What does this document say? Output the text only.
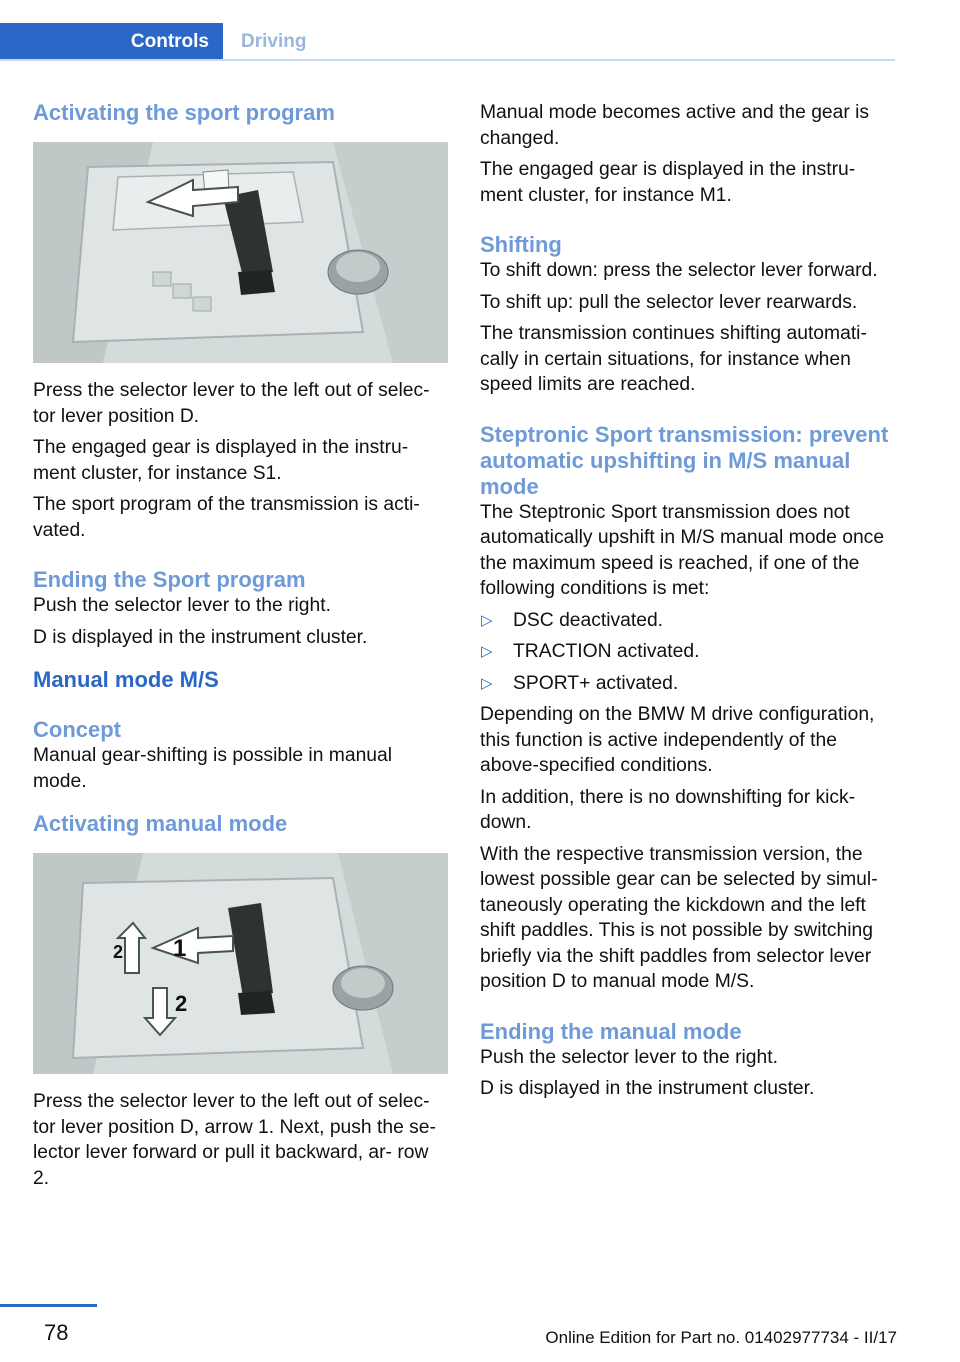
Controls	Driving
Activating the sport program

Press the selector lever to the left out of selec‐ tor lever position D.

The engaged gear is displayed in the instru‐ ment cluster, for instance S1.

The sport program of the transmission is acti‐ vated.

Ending the Sport program

Push the selector lever to the right.

D is displayed in the instrument cluster.

Manual mode M/S
Concept

Manual gear-shifting is possible in manual mode.

Activating manual mode
1
2
2

Press the selector lever to the left out of selec‐ tor lever position D, arrow 1. Next, push the se‐ lector lever forward or pull it backward, ar‐ row 2.

Manual mode becomes active and the gear is changed.

The engaged gear is displayed in the instru‐ ment cluster, for instance M1.

Shifting

To shift down: press the selector lever forward.

To shift up: pull the selector lever rearwards.

The transmission continues shifting automati‐ cally in certain situations, for instance when speed limits are reached.

Steptronic Sport transmission: prevent automatic upshifting in M/S manual mode

The Steptronic Sport transmission does not automatically upshift in M/S manual mode once the maximum speed is reached, if one of the following conditions is met:

▷ DSC deactivated.
▷ TRACTION activated.
▷ SPORT+ activated.

Depending on the BMW M drive configuration, this function is active independently of the above-specified conditions.

In addition, there is no downshifting for kick‐ down.

With the respective transmission version, the lowest possible gear can be selected by simul‐ taneously operating the kickdown and the left shift paddles. This is not possible by switching briefly via the shift paddles from selector lever position D to manual mode M/S.

Ending the manual mode

Push the selector lever to the right.

D is displayed in the instrument cluster.

78	Online Edition for Part no. 01402977734 - II/17
